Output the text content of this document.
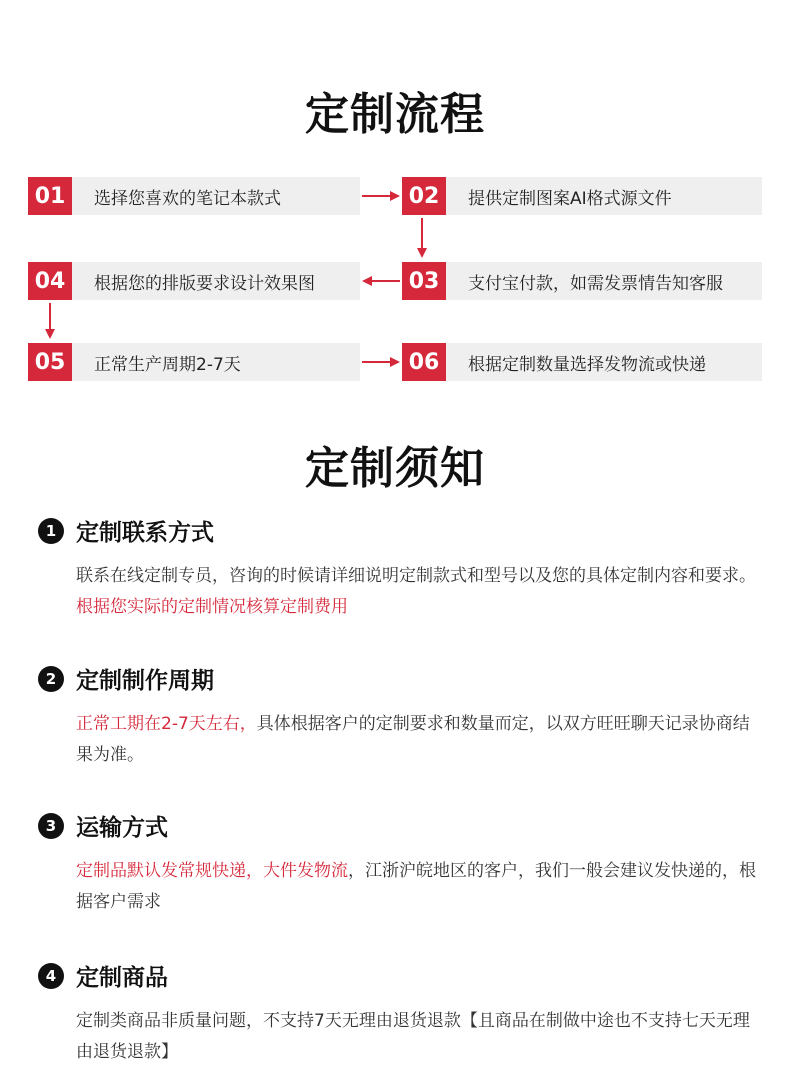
定制流程
01	选择您喜欢的笔记本款式	02	提供定制图案AI格式源文件
04	根据您的排版要求设计效果图	03	支付宝付款，如需发票情告知客服
05	正常生产周期2-7天	06	根据定制数量选择发物流或快递
定制须知
1 定制联系方式
联系在线定制专员，咨询的时候请详细说明定制款式和型号以及您的具体定制内容和要求。根据您实际的定制情况核算定制费用
2 定制制作周期
正常工期在2-7天左右，具体根据客户的定制要求和数量而定，以双方旺旺聊天记录协商结果为准。
3 运输方式
定制品默认发常规快递，大件发物流，江浙沪皖地区的客户，我们一般会建议发快递的，根据客户需求
4 定制商品
定制类商品非质量问题，不支持7天无理由退货退款【且商品在制做中途也不支持七天无理由退货退款】
